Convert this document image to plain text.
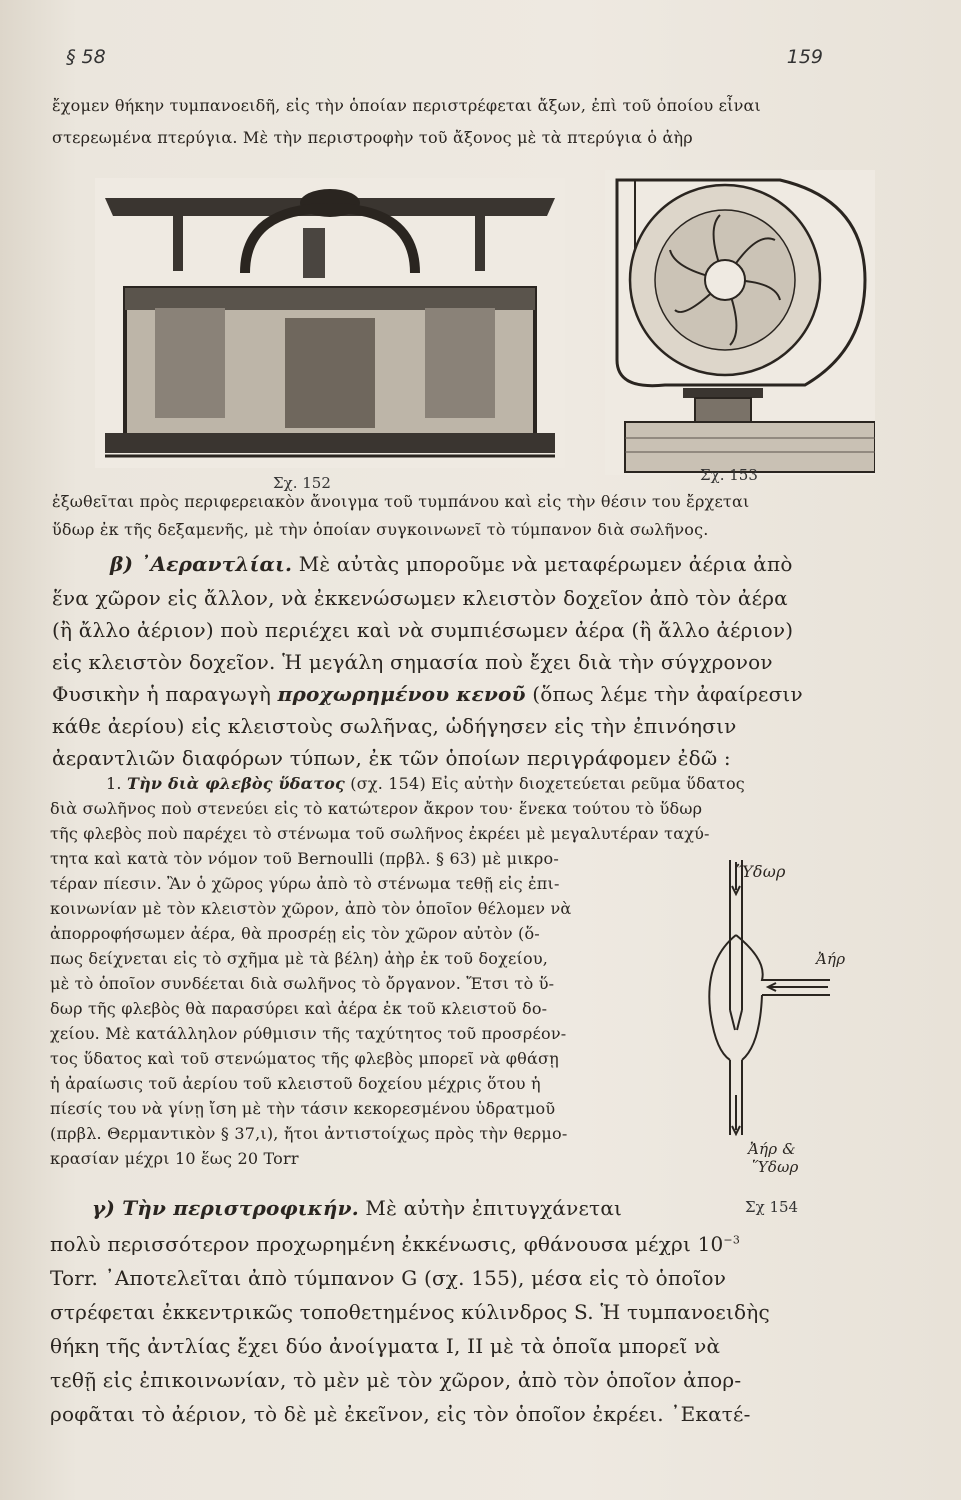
§ 58	159
ἔχομεν θήκην τυμπανοειδῆ, εἰς τὴν ὁποίαν περιστρέφεται ἄξων, ἐπὶ τοῦ ὁποίου εἶναι
στερεωμένα πτερύγια. Μὲ τὴν περιστροφὴν τοῦ ἄξονος μὲ τὰ πτερύγια ὁ ἀὴρ
Σχ. 152	Σχ. 153
ἐξωθεῖται πρὸς περιφερειακὸν ἄνοιγμα τοῦ τυμπάνου καὶ εἰς τὴν θέσιν του ἔρχεται
ὕδωρ ἐκ τῆς δεξαμενῆς, μὲ τὴν ὁποίαν συγκοινωνεῖ τὸ τύμπανον διὰ σωλῆνος.
β) ᾿Αεραντλίαι. Μὲ αὐτὰς μποροῦμε νὰ μεταφέρωμεν ἀέρια ἀπὸ
ἕνα χῶρον εἰς ἄλλον, νὰ ἐκκενώσωμεν κλειστὸν δοχεῖον ἀπὸ τὸν ἀέρα
(ἢ ἄλλο ἀέριον) ποὺ περιέχει καὶ νὰ συμπιέσωμεν ἀέρα (ἢ ἄλλο ἀέριον)
εἰς κλειστὸν δοχεῖον. Ἡ μεγάλη σημασία ποὺ ἔχει διὰ τὴν σύγχρονον
Φυσικὴν ἡ παραγωγὴ προχωρημένου κενοῦ (ὅπως λέμε τὴν ἀφαίρεσιν
κάθε ἀερίου) εἰς κλειστοὺς σωλῆνας, ὡδήγησεν εἰς τὴν ἐπινόησιν
ἀεραντλιῶν διαφόρων τύπων, ἐκ τῶν ὁποίων περιγράφομεν ἐδῶ :
1. Τὴν διὰ φλεβὸς ὕδατος (σχ. 154) Εἰς αὐτὴν διοχετεύεται ρεῦμα ὕδατος
διὰ σωλῆνος ποὺ στενεύει εἰς τὸ κατώτερον ἄκρον του· ἕνεκα τούτου τὸ ὕδωρ
τῆς φλεβὸς ποὺ παρέχει τὸ στένωμα τοῦ σωλῆνος ἐκρέει μὲ μεγαλυτέραν ταχύ-
τητα καὶ κατὰ τὸν νόμον τοῦ Bernoulli (πρβλ. § 63) μὲ μικρο-
τέραν πίεσιν. Ἂν ὁ χῶρος γύρω ἀπὸ τὸ στένωμα τεθῇ εἰς ἐπι-
κοινωνίαν μὲ τὸν κλειστὸν χῶρον, ἀπὸ τὸν ὁποῖον θέλομεν νὰ
ἀπορροφήσωμεν ἀέρα, θὰ προσρέῃ εἰς τὸν χῶρον αὐτὸν (ὅ-
πως δείχνεται εἰς τὸ σχῆμα μὲ τὰ βέλη) ἀὴρ ἐκ τοῦ δοχείου,
μὲ τὸ ὁποῖον συνδέεται διὰ σωλῆνος τὸ ὄργανον. Ἔτσι τὸ ὕ-
δωρ τῆς φλεβὸς θὰ παρασύρει καὶ ἀέρα ἐκ τοῦ κλειστοῦ δο-
χείου. Μὲ κατάλληλον ρύθμισιν τῆς ταχύτητος τοῦ προσρέον-
τος ὕδατος καὶ τοῦ στενώματος τῆς φλεβὸς μπορεῖ νὰ φθάσῃ
ἡ ἀραίωσις τοῦ ἀερίου τοῦ κλειστοῦ δοχείου μέχρις ὅτου ἡ
πίεσίς του νὰ γίνῃ ἴση μὲ τὴν τάσιν κεκορεσμένου ὑδρατμοῦ
(πρβλ. Θερμαντικὸν § 37,ι), ἤτοι ἀντιστοίχως πρὸς τὴν θερμο-
κρασίαν μέχρι 10 ἕως 20 Torr
Ὕδωρ
Ἀήρ
Ἀήρ &
Ὕδωρ
Σχ 154
γ) Τὴν περιστροφικήν. Μὲ αὐτὴν ἐπιτυγχάνεται
πολὺ περισσότερον προχωρημένη ἐκκένωσις, φθάνουσα μέχρι $10^{-3}$
Torr. ᾿Αποτελεῖται ἀπὸ τύμπανον G (σχ. 155), μέσα εἰς τὸ ὁποῖον
στρέφεται ἐκκεντρικῶς τοποθετημένος κύλινδρος S. Ἡ τυμπανοειδὴς
θήκη τῆς ἀντλίας ἔχει δύο ἀνοίγματα I, II μὲ τὰ ὁποῖα μπορεῖ νὰ
τεθῇ εἰς ἐπικοινωνίαν, τὸ μὲν μὲ τὸν χῶρον, ἀπὸ τὸν ὁποῖον ἀπορ-
ροφᾶται τὸ ἀέριον, τὸ δὲ μὲ ἐκεῖνον, εἰς τὸν ὁποῖον ἐκρέει. ᾿Εκατέ-
